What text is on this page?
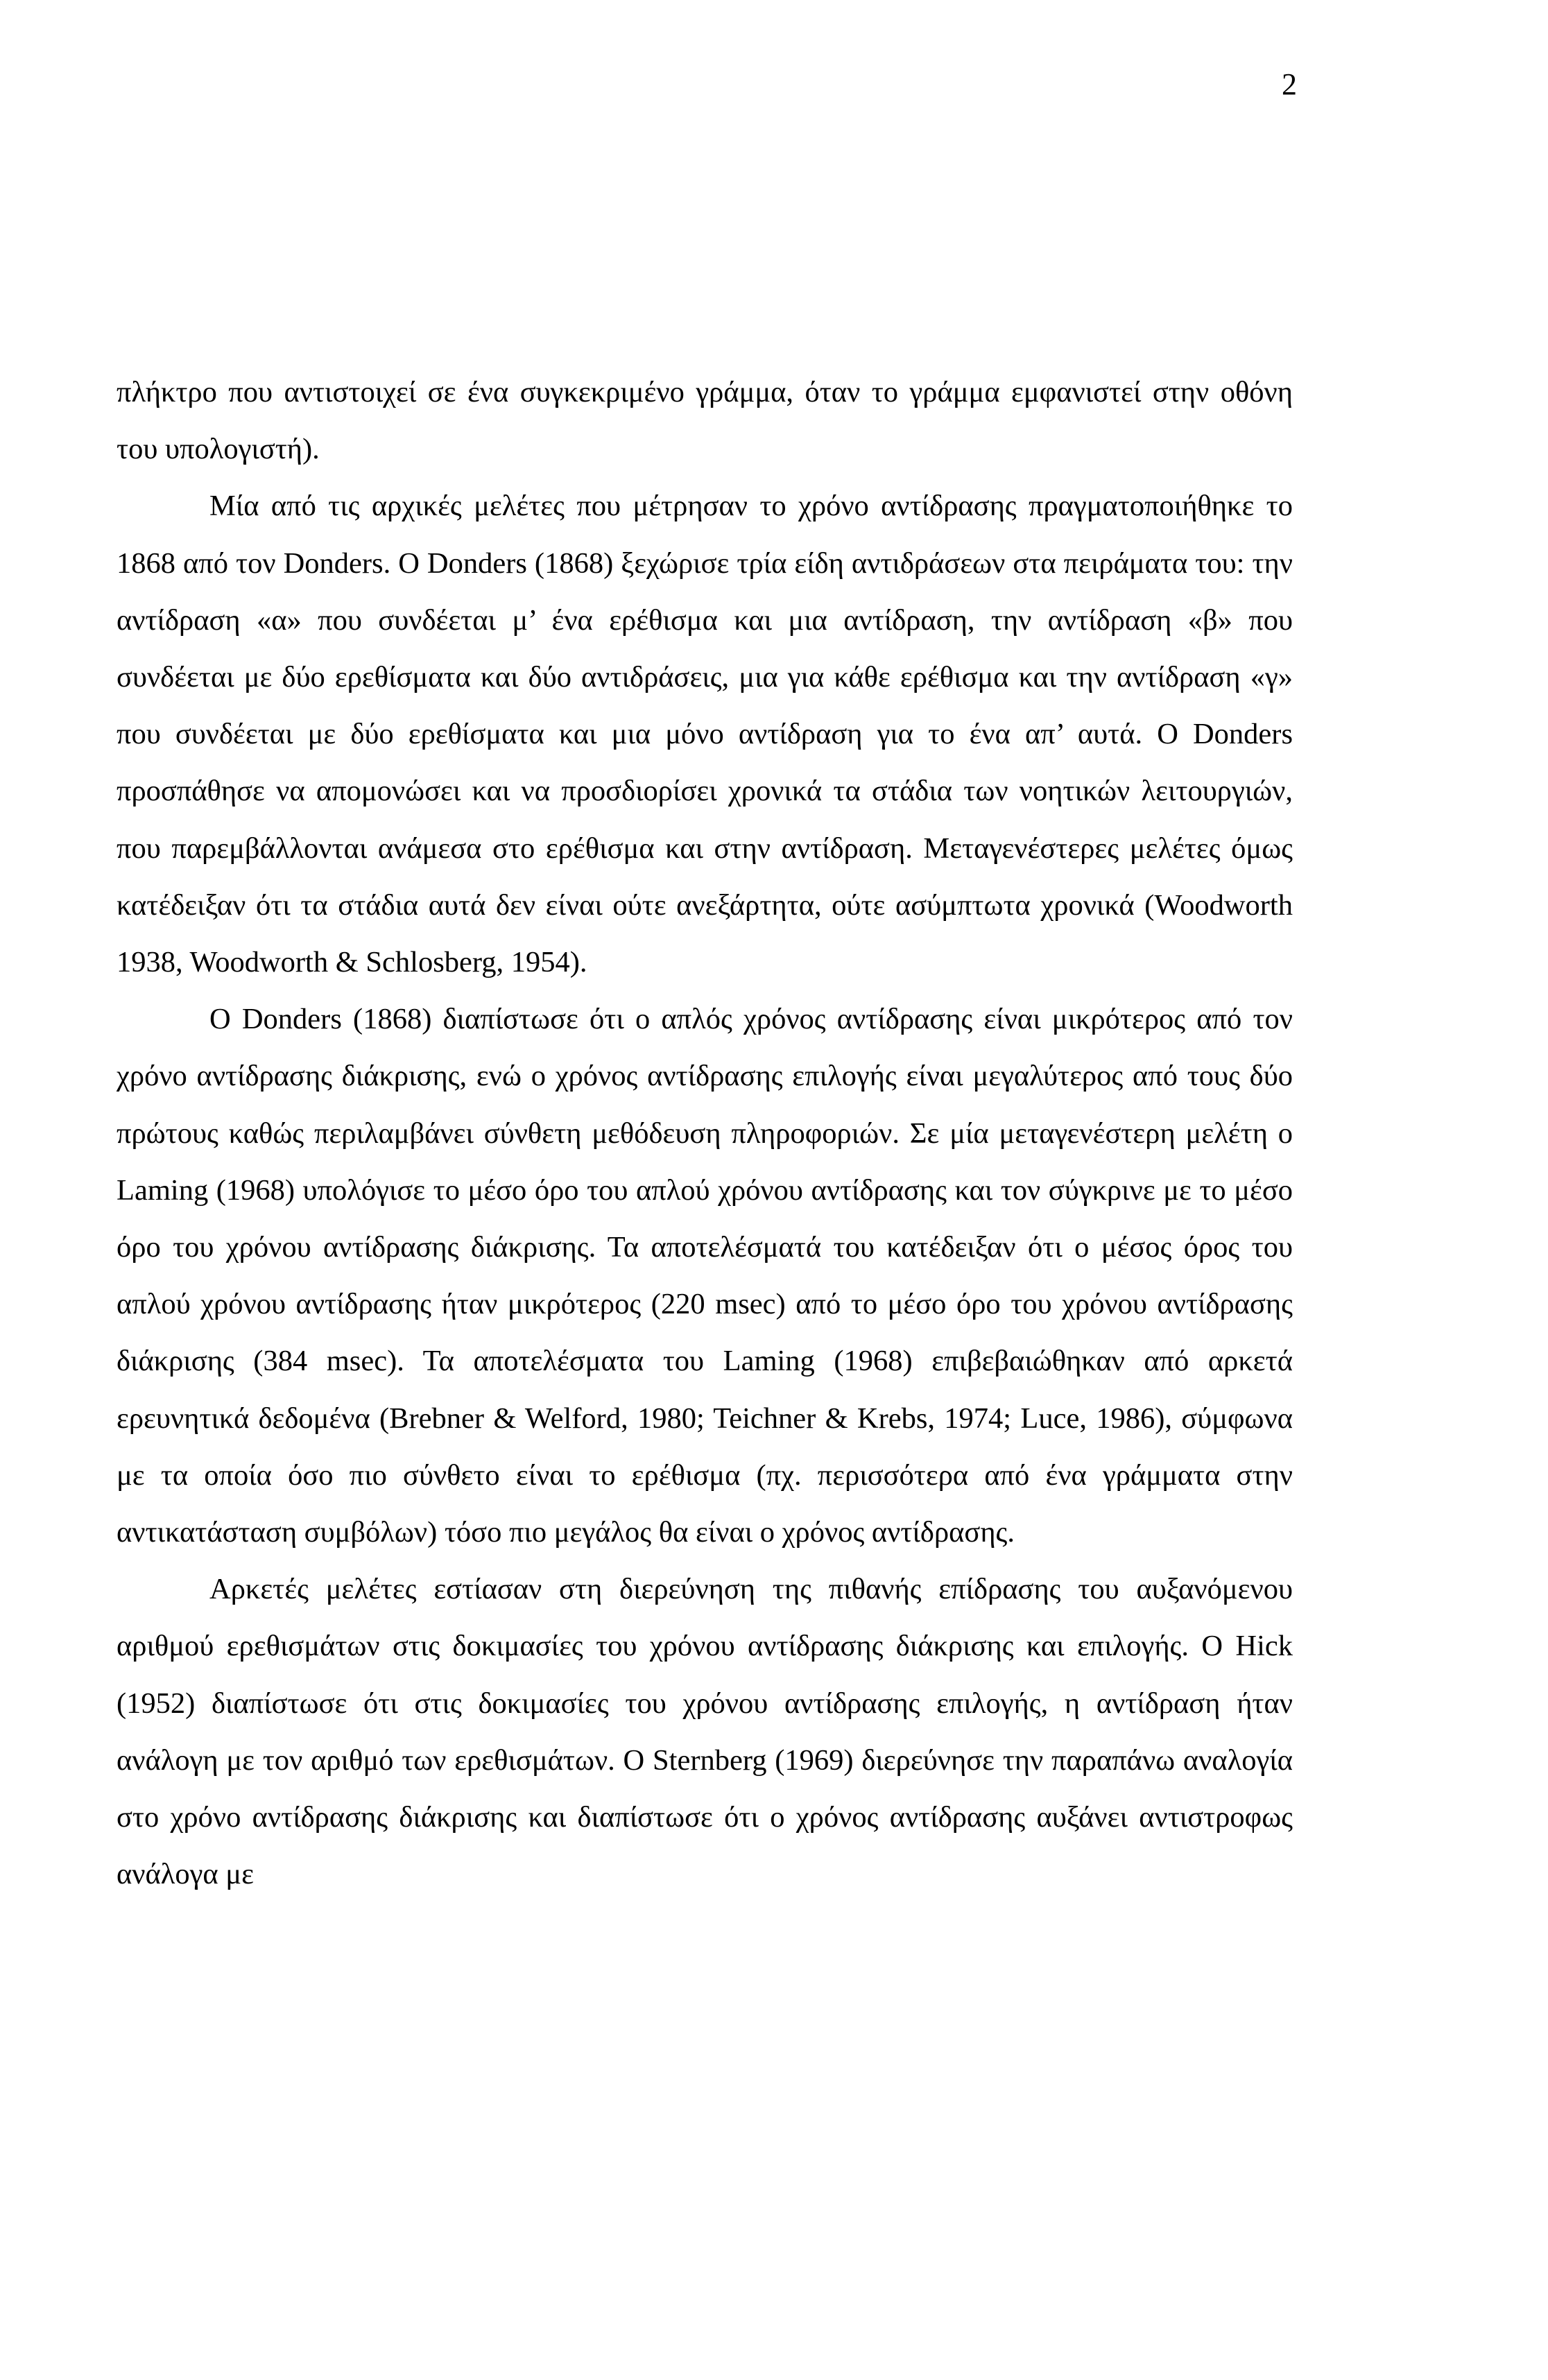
2

πλήκτρο που αντιστοιχεί σε ένα συγκεκριμένο γράμμα, όταν το γράμμα εμφανιστεί στην οθόνη του υπολογιστή).

Μία από τις αρχικές μελέτες που μέτρησαν το χρόνο αντίδρασης πραγματοποιήθηκε το 1868 από τον Donders. Ο Donders (1868) ξεχώρισε τρία είδη αντιδράσεων στα πειράματα του: την αντίδραση «α» που συνδέεται μ’ ένα ερέθισμα και μια αντίδραση, την αντίδραση «β» που συνδέεται με δύο ερεθίσματα και δύο αντιδράσεις, μια για κάθε ερέθισμα και την αντίδραση «γ» που συνδέεται με δύο ερεθίσματα και μια μόνο αντίδραση για το ένα απ’ αυτά. Ο Donders προσπάθησε να απομονώσει και να προσδιορίσει χρονικά τα στάδια των νοητικών λειτουργιών, που παρεμβάλλονται ανάμεσα στο ερέθισμα και στην αντίδραση. Μεταγενέστερες μελέτες όμως κατέδειξαν ότι τα στάδια αυτά δεν είναι ούτε ανεξάρτητα, ούτε ασύμπτωτα χρονικά (Woodworth 1938, Woodworth & Schlosberg, 1954).

Ο Donders (1868) διαπίστωσε ότι ο απλός χρόνος αντίδρασης είναι μικρότερος από τον χρόνο αντίδρασης διάκρισης, ενώ ο χρόνος αντίδρασης επιλογής είναι μεγαλύτερος από τους δύο πρώτους καθώς περιλαμβάνει σύνθετη μεθόδευση πληροφοριών. Σε μία μεταγενέστερη μελέτη ο Laming (1968) υπολόγισε το μέσο όρο του απλού χρόνου αντίδρασης και τον σύγκρινε με το μέσο όρο του χρόνου αντίδρασης διάκρισης. Τα αποτελέσματά του κατέδειξαν ότι ο μέσος όρος του απλού χρόνου αντίδρασης ήταν μικρότερος (220 msec) από το μέσο όρο του χρόνου αντίδρασης διάκρισης (384 msec). Τα αποτελέσματα του Laming (1968) επιβεβαιώθηκαν από αρκετά ερευνητικά δεδομένα (Brebner & Welford, 1980; Teichner & Krebs, 1974; Luce, 1986), σύμφωνα με τα οποία όσο πιο σύνθετο είναι το ερέθισμα (πχ. περισσότερα από ένα γράμματα στην αντικατάσταση συμβόλων) τόσο πιο μεγάλος θα είναι ο χρόνος αντίδρασης.

Αρκετές μελέτες εστίασαν στη διερεύνηση της πιθανής επίδρασης του αυξανόμενου αριθμού ερεθισμάτων στις δοκιμασίες του χρόνου αντίδρασης διάκρισης και επιλογής. Ο Hick (1952) διαπίστωσε ότι στις δοκιμασίες του χρόνου αντίδρασης επιλογής, η αντίδραση ήταν ανάλογη με τον αριθμό των ερεθισμάτων. Ο Sternberg (1969) διερεύνησε την παραπάνω αναλογία στο χρόνο αντίδρασης διάκρισης και διαπίστωσε ότι ο χρόνος αντίδρασης αυξάνει αντιστροφως ανάλογα με
